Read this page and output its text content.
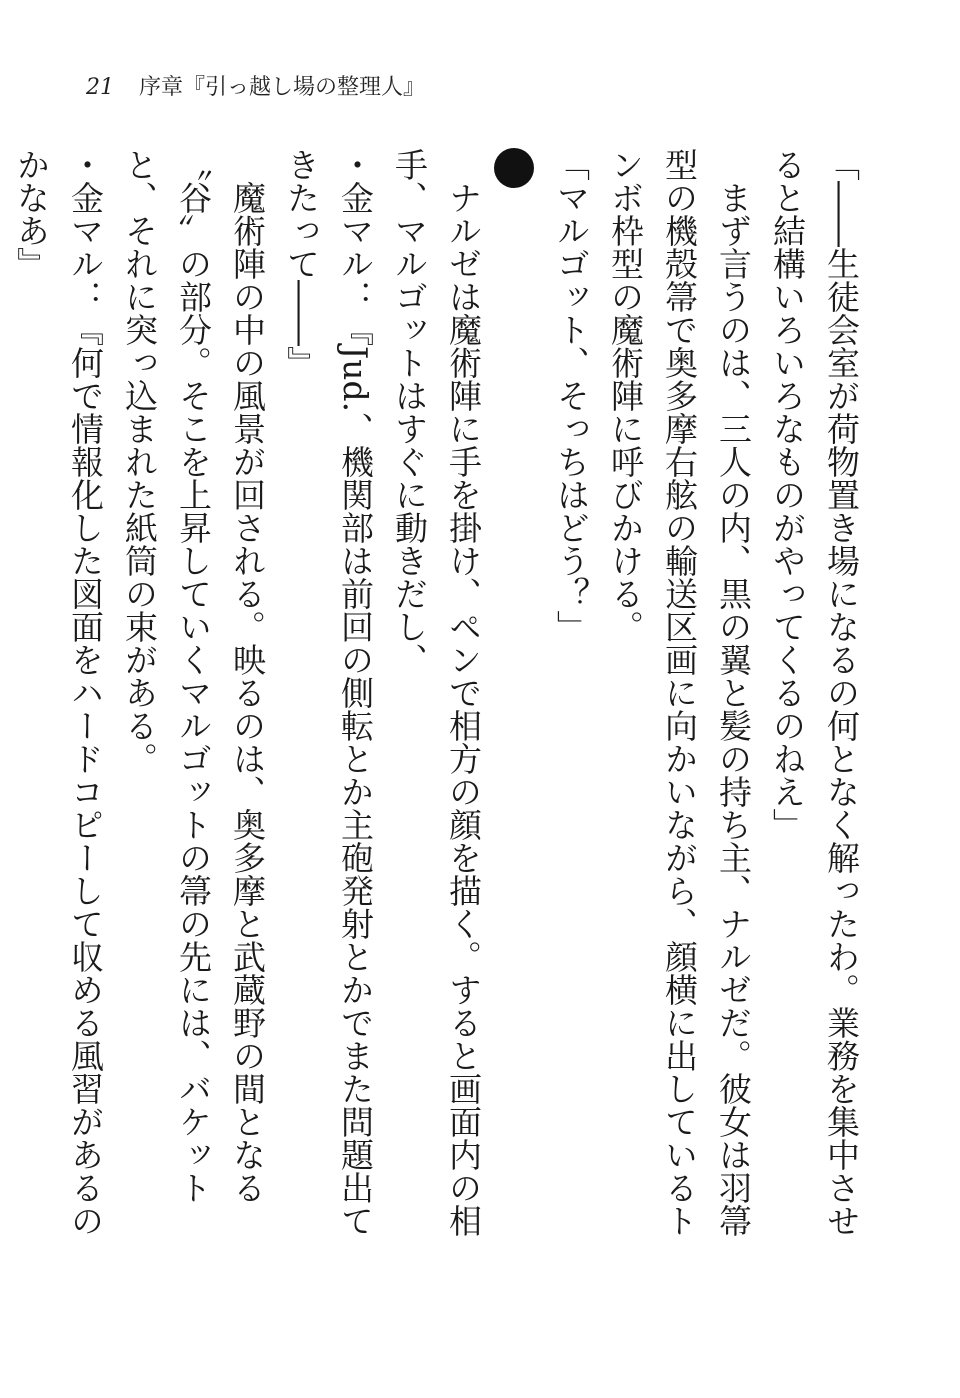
21 序章『引っ越し場の整理人』

「――生徒会室が荷物置き場になるの何となく解ったわ。業務を集中させると結構いろいろなものがやってくるのねえ」

まず言うのは、三人の内、黒の翼と髪の持ち主、ナルゼだ。彼女は羽箒型の機殻箒で奥多摩右舷の輸送区画に向かいながら、顔横に出しているトンボ枠型の魔術陣に呼びかける。

「マルゴット、そっちはどう？」

ナルゼは魔術陣に手を掛け、ペンで相方の顔を描く。すると画面内の相手、マルゴットはすぐに動きだし、

・金マル：『Jud.、機関部は前回の側転とか主砲発射とかでまた問題出てきたって――』

魔術陣の中の風景が回される。映るのは、奥多摩と武蔵野の間となる〝谷〟の部分。そこを上昇していくマルゴットの箒の先には、バケットと、それに突っ込まれた紙筒の束がある。

・金マル：『何で情報化した図面をハードコピーして収める風習があるのかなあ』
